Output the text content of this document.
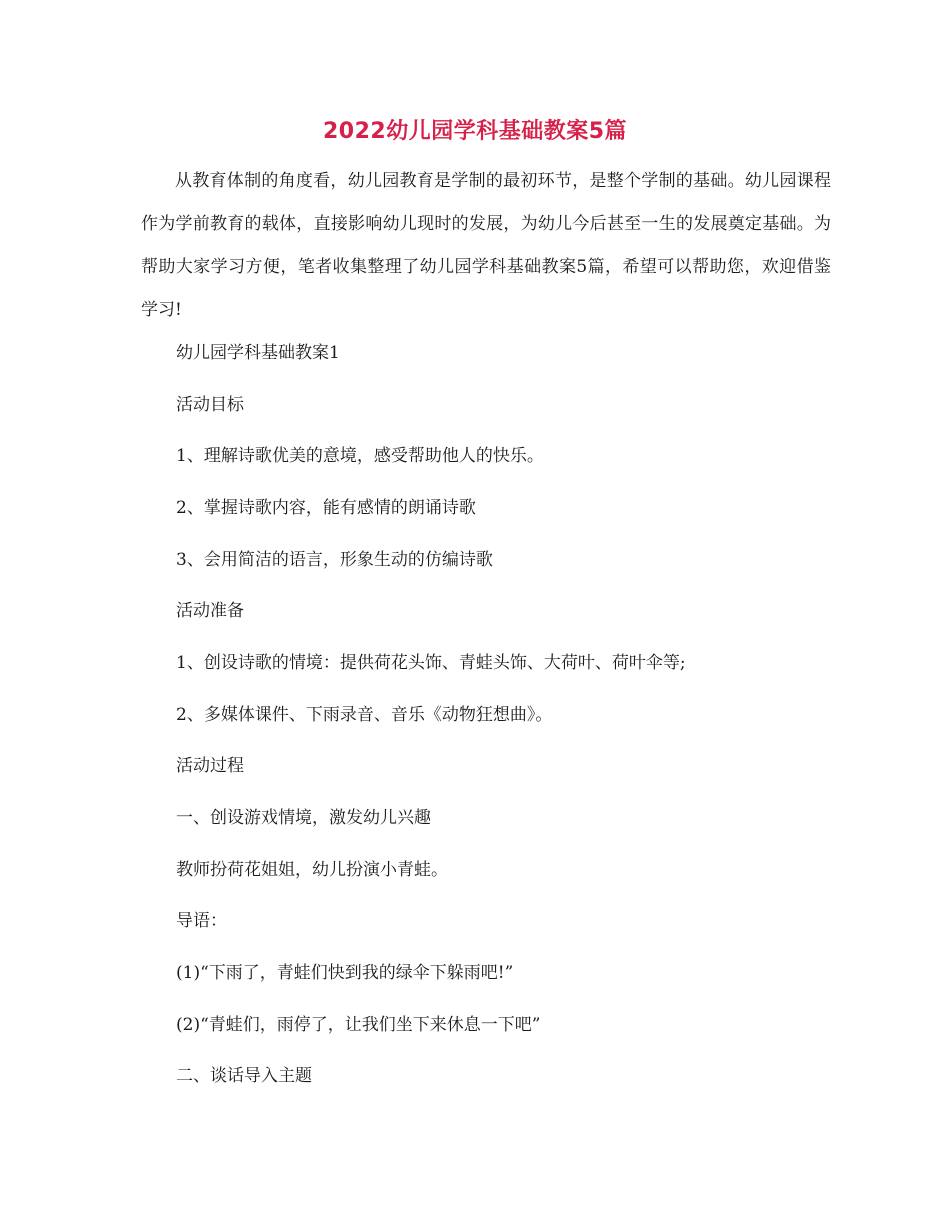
2022幼儿园学科基础教案5篇
从教育体制的角度看，幼儿园教育是学制的最初环节，是整个学制的基础。幼儿园课程作为学前教育的载体，直接影响幼儿现时的发展，为幼儿今后甚至一生的发展奠定基础。为帮助大家学习方便，笔者收集整理了幼儿园学科基础教案5篇，希望可以帮助您，欢迎借鉴学习!
幼儿园学科基础教案1
活动目标
1、理解诗歌优美的意境，感受帮助他人的快乐。
2、掌握诗歌内容，能有感情的朗诵诗歌
3、会用简洁的语言，形象生动的仿编诗歌
活动准备
1、创设诗歌的情境：提供荷花头饰、青蛙头饰、大荷叶、荷叶伞等;
2、多媒体课件、下雨录音、音乐《动物狂想曲》。
活动过程
一、创设游戏情境，激发幼儿兴趣
教师扮荷花姐姐，幼儿扮演小青蛙。
导语：
(1)“下雨了，青蛙们快到我的绿伞下躲雨吧!”
(2)“青蛙们，雨停了，让我们坐下来休息一下吧”
二、谈话导入主题
